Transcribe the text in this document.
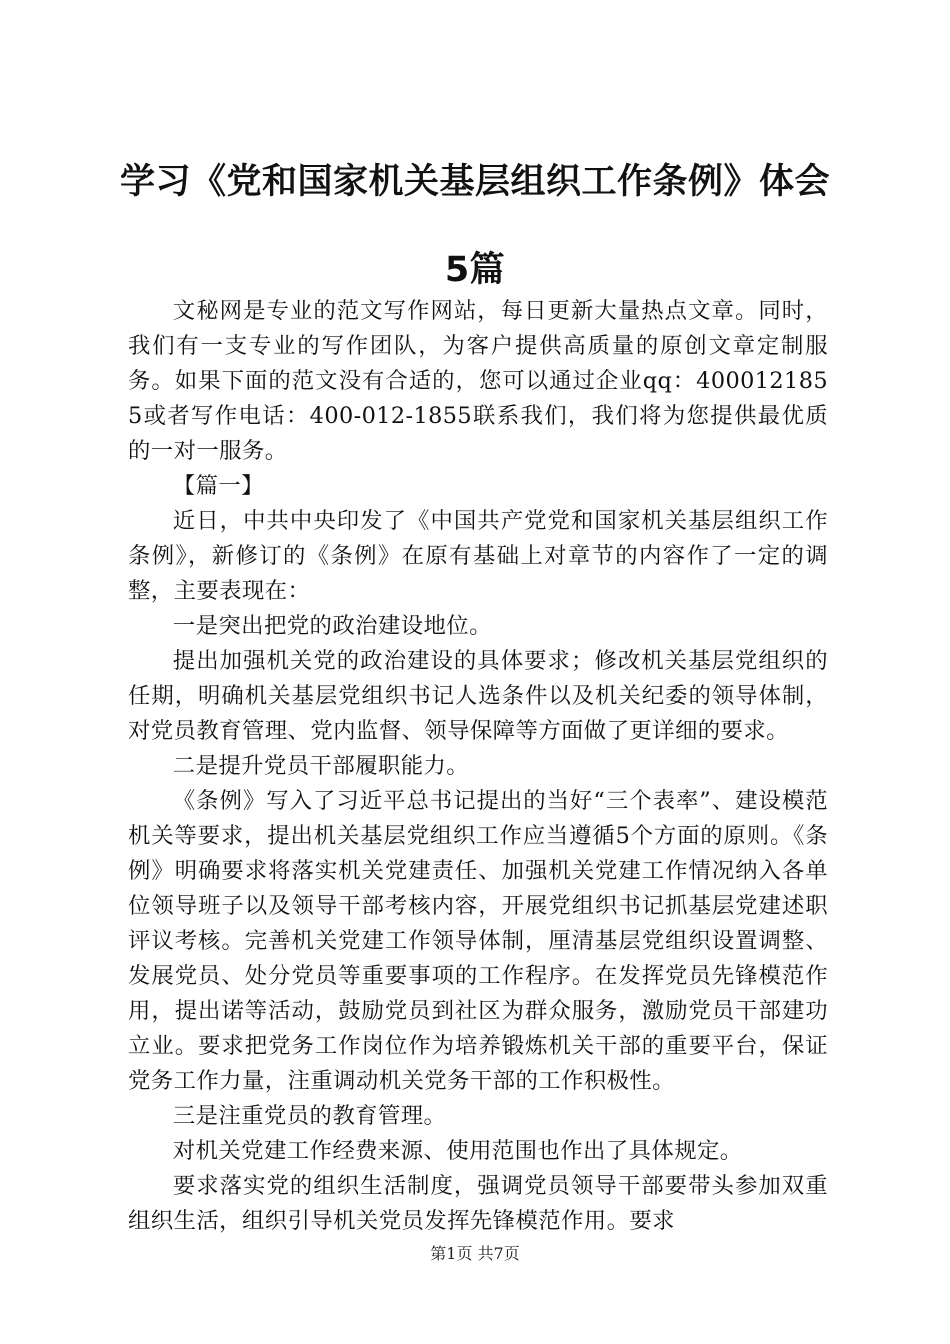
学习《党和国家机关基层组织工作条例》体会
5篇

文秘网是专业的范文写作网站，每日更新大量热点文章。同时，我们有一支专业的写作团队，为客户提供高质量的原创文章定制服务。如果下面的范文没有合适的，您可以通过企业qq：4000121855或者写作电话：400-012-1855联系我们，我们将为您提供最优质的一对一服务。

【篇一】

近日，中共中央印发了《中国共产党党和国家机关基层组织工作条例》，新修订的《条例》在原有基础上对章节的内容作了一定的调整，主要表现在：

一是突出把党的政治建设地位。

提出加强机关党的政治建设的具体要求；修改机关基层党组织的任期，明确机关基层党组织书记人选条件以及机关纪委的领导体制，对党员教育管理、党内监督、领导保障等方面做了更详细的要求。

二是提升党员干部履职能力。

《条例》写入了习近平总书记提出的当好“三个表率”、建设模范机关等要求，提出机关基层党组织工作应当遵循5个方面的原则。《条例》明确要求将落实机关党建责任、加强机关党建工作情况纳入各单位领导班子以及领导干部考核内容，开展党组织书记抓基层党建述职评议考核。完善机关党建工作领导体制，厘清基层党组织设置调整、发展党员、处分党员等重要事项的工作程序。在发挥党员先锋模范作用，提出诺等活动，鼓励党员到社区为群众服务，激励党员干部建功立业。要求把党务工作岗位作为培养锻炼机关干部的重要平台，保证党务工作力量，注重调动机关党务干部的工作积极性。

三是注重党员的教育管理。

对机关党建工作经费来源、使用范围也作出了具体规定。

要求落实党的组织生活制度，强调党员领导干部要带头参加双重组织生活，组织引导机关党员发挥先锋模范作用。要求

第1页 共7页
